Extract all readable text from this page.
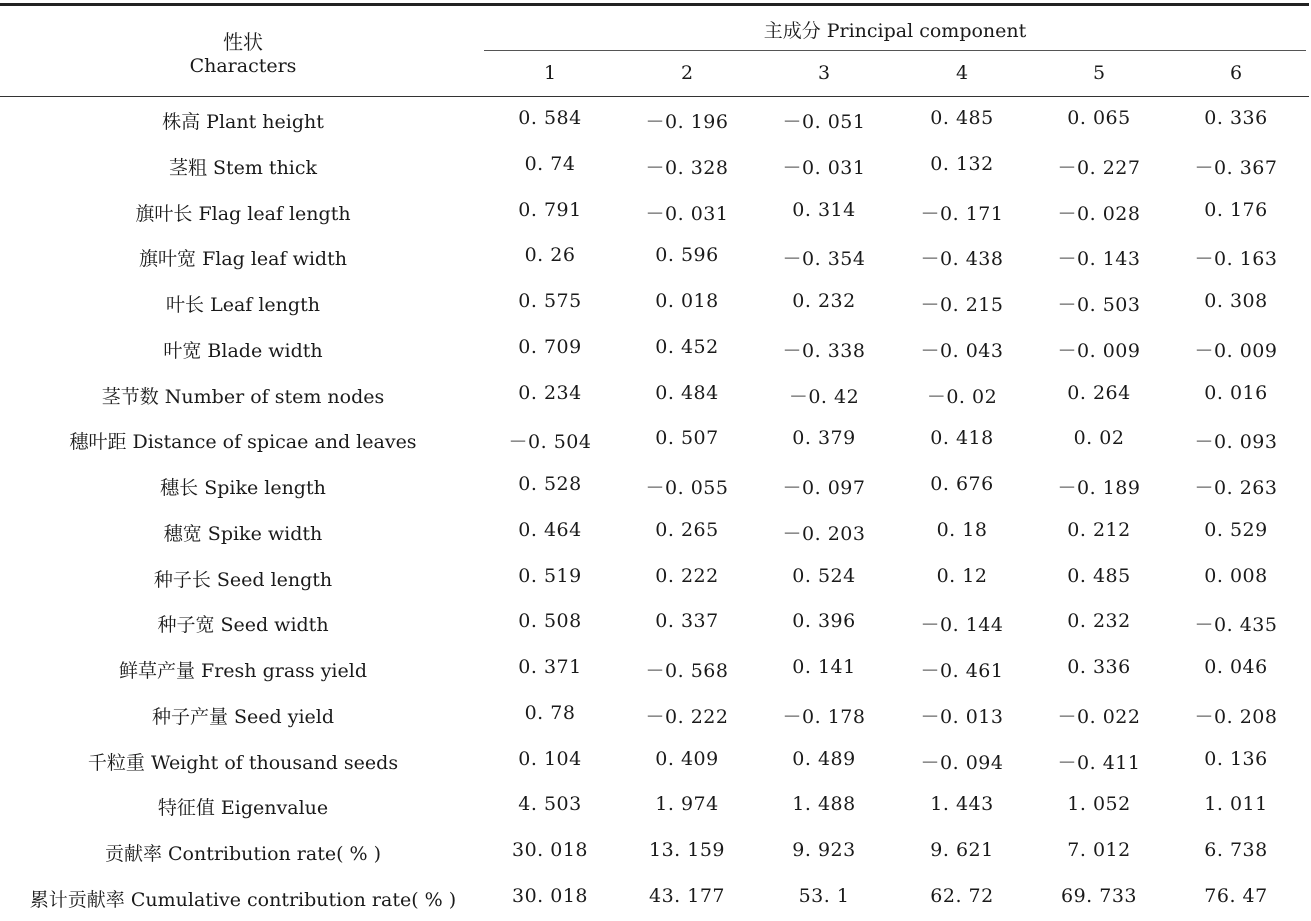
性状
Characters
主成分 Principal component
1	2	3	4	5	6
株高 Plant height	0. 584	－0. 196	－0. 051	0. 485	0. 065	0. 336
茎粗 Stem thick	0. 74	－0. 328	－0. 031	0. 132	－0. 227	－0. 367
旗叶长 Flag leaf length	0. 791	－0. 031	0. 314	－0. 171	－0. 028	0. 176
旗叶宽 Flag leaf width	0. 26	0. 596	－0. 354	－0. 438	－0. 143	－0. 163
叶长 Leaf length	0. 575	0. 018	0. 232	－0. 215	－0. 503	0. 308
叶宽 Blade width	0. 709	0. 452	－0. 338	－0. 043	－0. 009	－0. 009
茎节数 Number of stem nodes	0. 234	0. 484	－0. 42	－0. 02	0. 264	0. 016
穗叶距 Distance of spicae and leaves	－0. 504	0. 507	0. 379	0. 418	0. 02	－0. 093
穗长 Spike length	0. 528	－0. 055	－0. 097	0. 676	－0. 189	－0. 263
穗宽 Spike width	0. 464	0. 265	－0. 203	0. 18	0. 212	0. 529
种子长 Seed length	0. 519	0. 222	0. 524	0. 12	0. 485	0. 008
种子宽 Seed width	0. 508	0. 337	0. 396	－0. 144	0. 232	－0. 435
鲜草产量 Fresh grass yield	0. 371	－0. 568	0. 141	－0. 461	0. 336	0. 046
种子产量 Seed yield	0. 78	－0. 222	－0. 178	－0. 013	－0. 022	－0. 208
千粒重 Weight of thousand seeds	0. 104	0. 409	0. 489	－0. 094	－0. 411	0. 136
特征值 Eigenvalue	4. 503	1. 974	1. 488	1. 443	1. 052	1. 011
贡献率 Contribution rate( % )	30. 018	13. 159	9. 923	9. 621	7. 012	6. 738
累计贡献率 Cumulative contribution rate( % )	30. 018	43. 177	53. 1	62. 72	69. 733	76. 47
